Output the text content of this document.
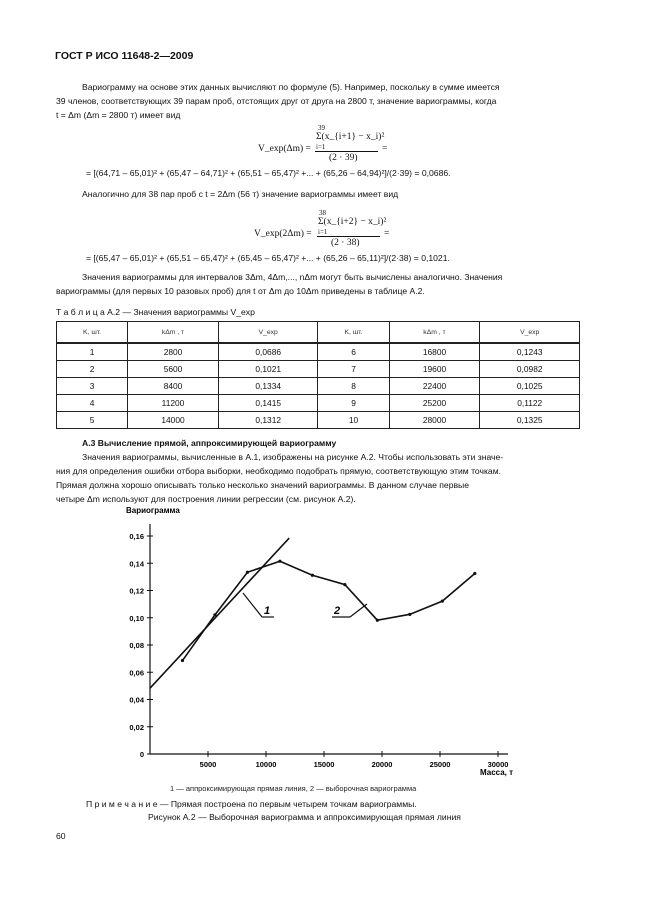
ГОСТ Р ИСО 11648-2—2009
Вариограмму на основе этих данных вычисляют по формуле (5). Например, поскольку в сумме имеется
39 членов, соответствующих 39 парам проб, отстоящих друг от друга на 2800 т, значение вариограммы, когда
t = Δm (Δm = 2800 т) имеет вид
V_exp(Δm) =
39
Σ(x_{i+1} − x_i)²
i=1
(2 · 39)
=
= [(64,71 – 65,01)² + (65,47 – 64,71)² + (65,51 – 65,47)² +... + (65,26 – 64,94)²]/(2·39) = 0,0686.
Аналогично для 38 пар проб с t = 2Δm (56 т) значение вариограммы имеет вид
V_exp(2Δm) =
38
Σ(x_{i+2} − x_i)²
i=1
(2 · 38)
=
= [(65,47 – 65,01)² + (65,51 – 65,47)² + (65,45 – 65,47)² +... + (65,26 – 65,11)²]/(2·38) = 0,1021.
Значения вариограммы для интервалов 3Δm, 4Δm,..., nΔm могут быть вычислены аналогично. Значения
вариограммы (для первых 10 разовых проб) для t от Δm до 10Δm приведены в таблице А.2.
Т а б л и ц а А.2 — Значения вариограммы V_exp
K, шт.	kΔm , т	V_exp	K, шт.	kΔm , т	V_exp
1	2800	0,0686	6	16800	0,1243
2	5600	0,1021	7	19600	0,0982
3	8400	0,1334	8	22400	0,1025
4	11200	0,1415	9	25200	0,1122
5	14000	0,1312	10	28000	0,1325
А.3 Вычисление прямой, аппроксимирующей вариограмму
Значения вариограммы, вычисленные в А.1, изображены на рисунке А.2. Чтобы использовать эти значе-
ния для определения ошибки отбора выборки, необходимо подобрать прямую, соответствующую этим точкам.
Прямая должна хорошо описывать только несколько значений вариограммы. В данном случае первые
четыре Δm используют для построения линии регрессии (см. рисунок А.2).
Вариограмма
0
0,02
0,04
0,06
0,08
0,10
0,12
0,14
0,16
5000	10000	15000	20000	25000	30000
1	2
Масса, т
1 — аппроксимирующая прямая линия, 2 — выборочная вариограмма
П р и м е ч а н и е — Прямая построена по первым четырем точкам вариограммы.
Рисунок А.2 — Выборочная вариограмма и аппроксимирующая прямая линия
60
